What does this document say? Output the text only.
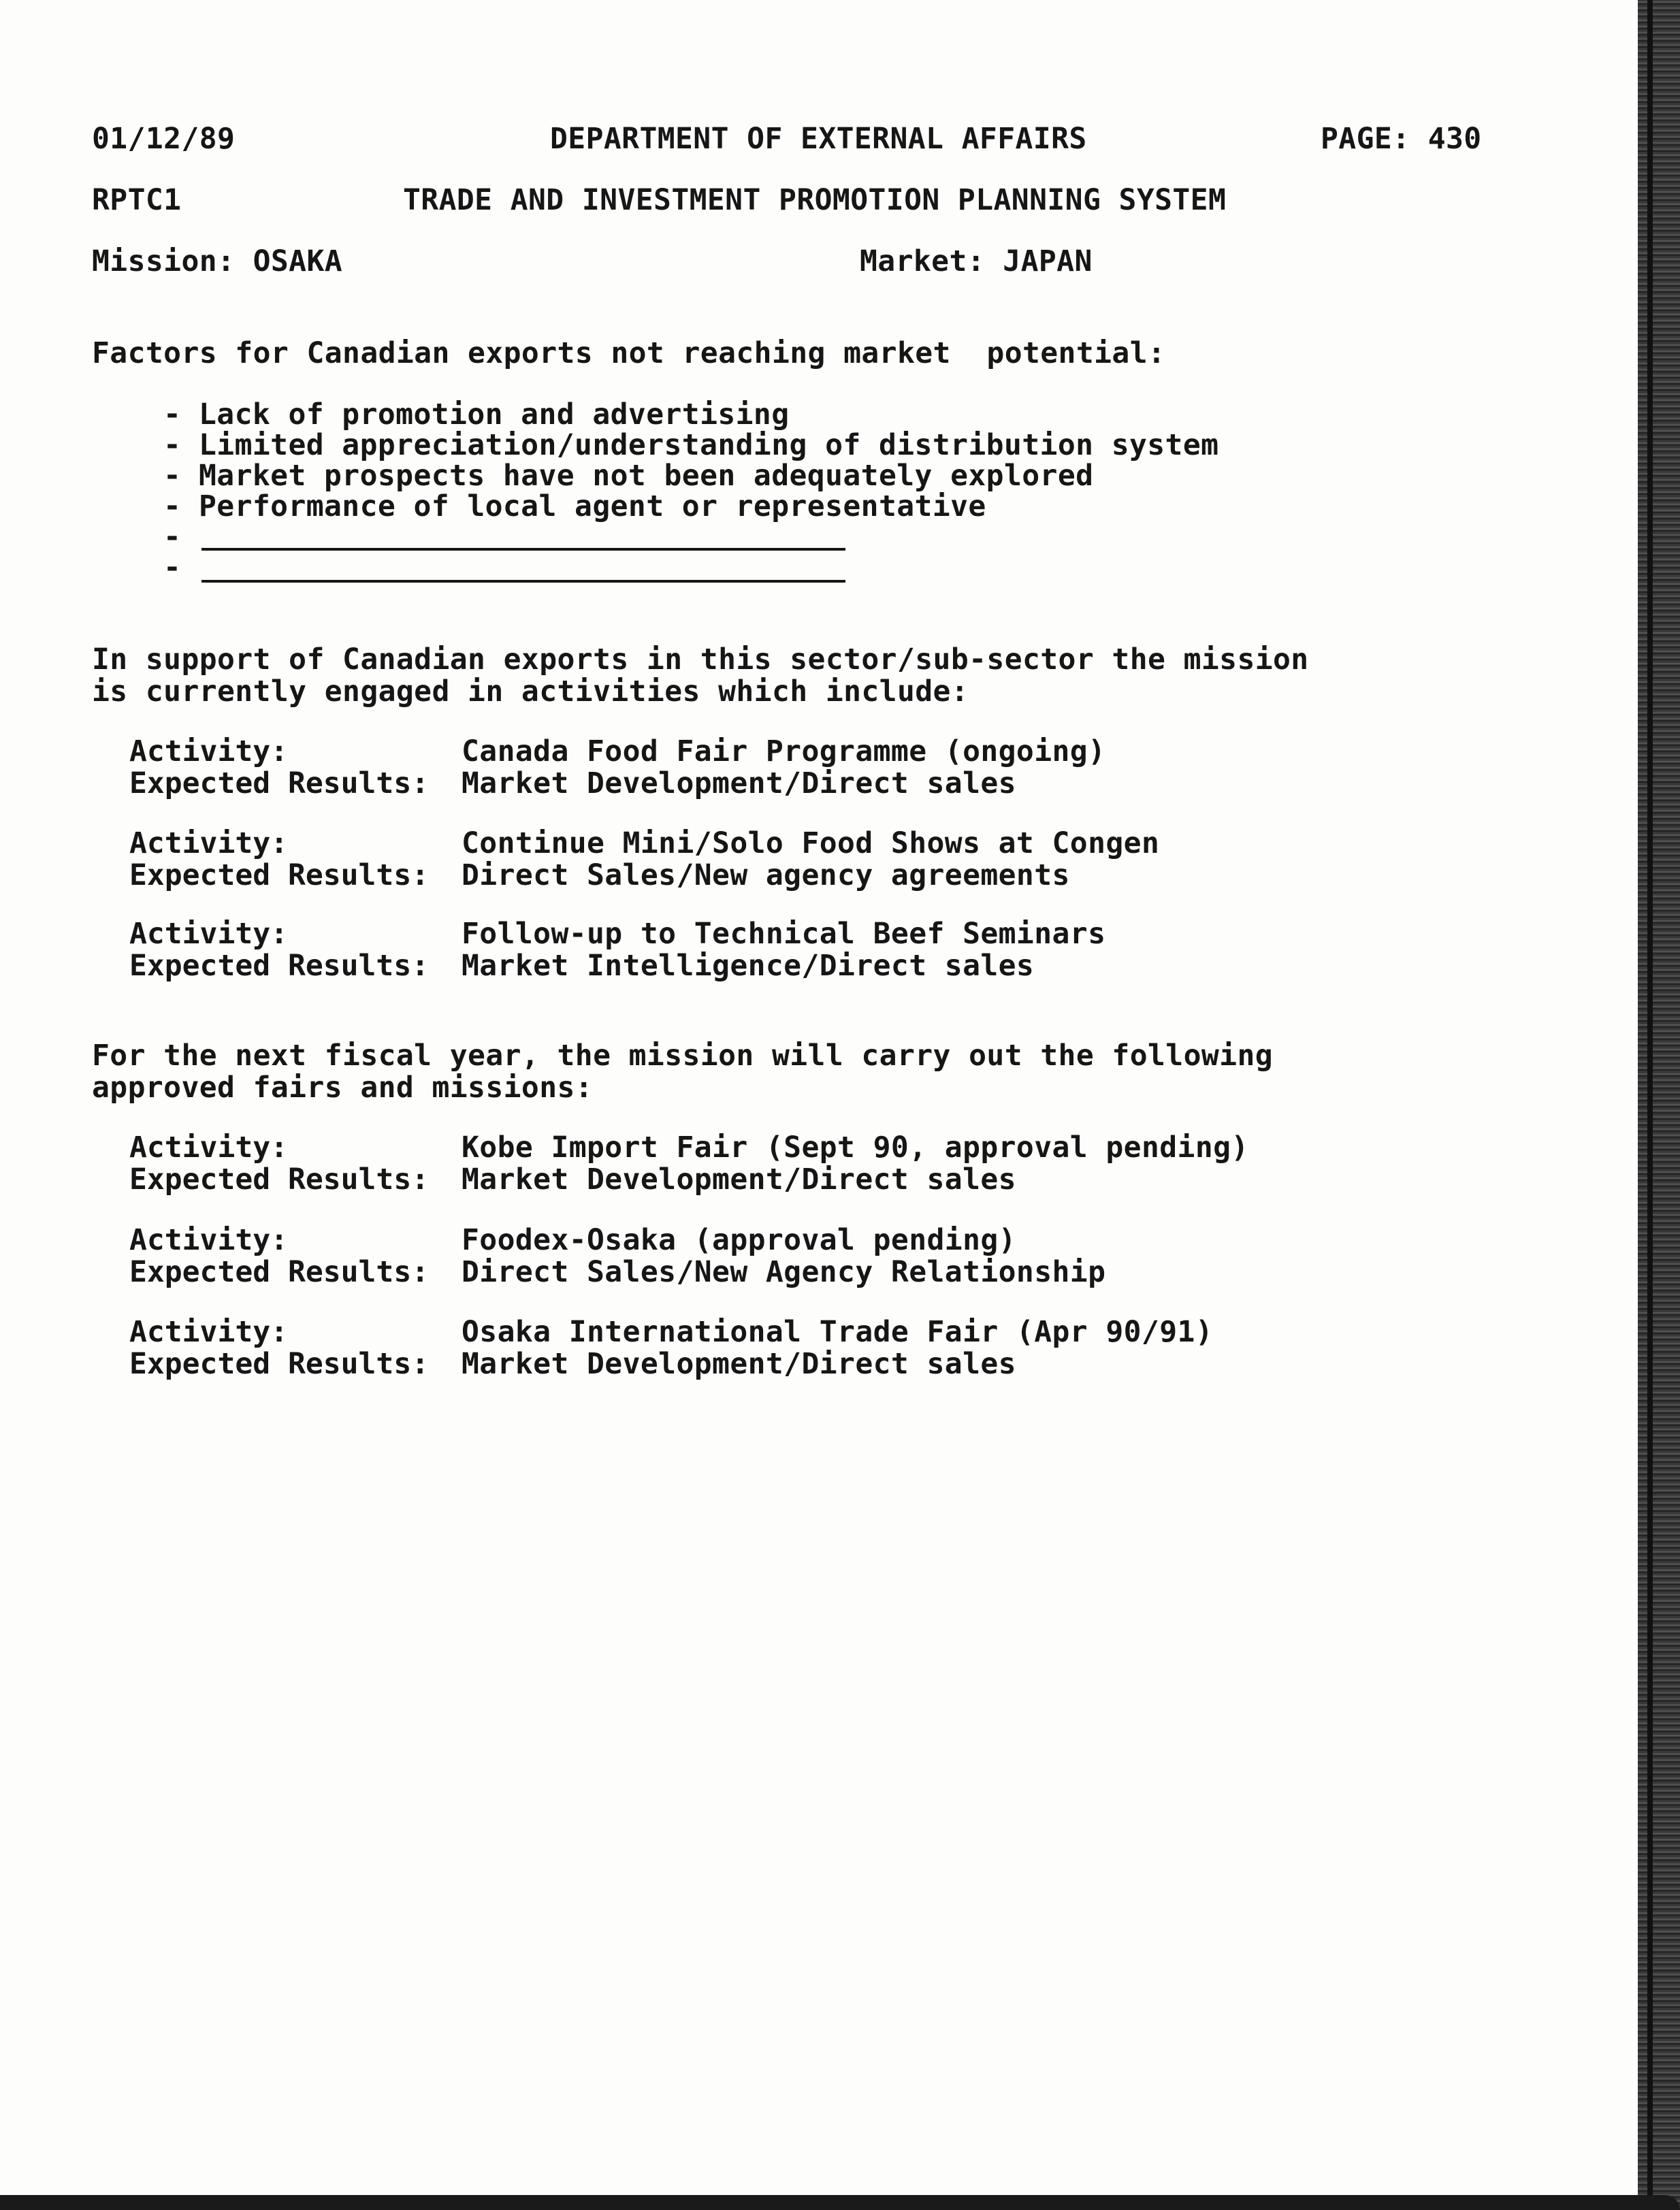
01/12/89	DEPARTMENT OF EXTERNAL AFFAIRS	PAGE: 430
RPTC1	TRADE AND INVESTMENT PROMOTION PLANNING SYSTEM
Mission: OSAKA	Market: JAPAN
Factors for Canadian exports not reaching market  potential:
- Lack of promotion and advertising
- Limited appreciation/understanding of distribution system
- Market prospects have not been adequately explored
- Performance of local agent or representative
-
-
In support of Canadian exports in this sector/sub-sector the mission
is currently engaged in activities which include:
Activity:	Canada Food Fair Programme (ongoing)
Expected Results: Market Development/Direct sales
Activity:	Continue Mini/Solo Food Shows at Congen
Expected Results: Direct Sales/New agency agreements
Activity:	Follow-up to Technical Beef Seminars
Expected Results: Market Intelligence/Direct sales
For the next fiscal year, the mission will carry out the following
approved fairs and missions:
Activity:	Kobe Import Fair (Sept 90, approval pending)
Expected Results: Market Development/Direct sales
Activity:	Foodex-Osaka (approval pending)
Expected Results: Direct Sales/New Agency Relationship
Activity:	Osaka International Trade Fair (Apr 90/91)
Expected Results: Market Development/Direct sales
